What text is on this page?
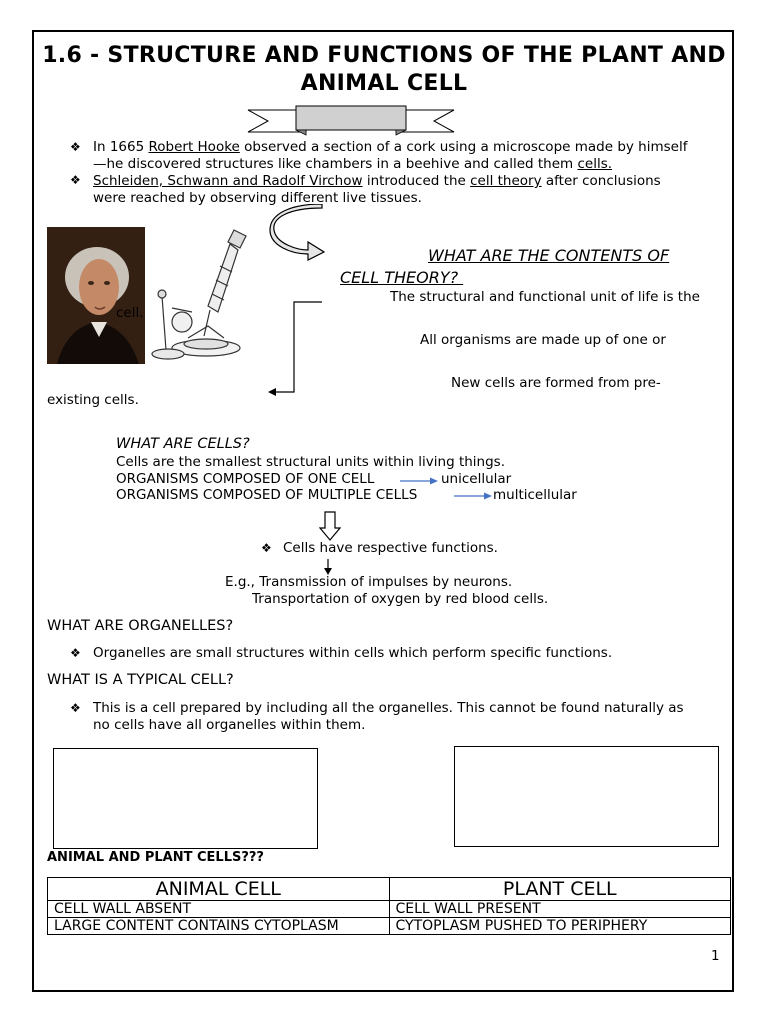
1.6 - STRUCTURE AND FUNCTIONS OF THE PLANT AND ANIMAL CELL
❖ In 1665 Robert Hooke observed a section of a cork using a microscope made by himself
—he discovered structures like chambers in a beehive and called them cells.
❖ Schleiden, Schwann and Radolf Virchow introduced the cell theory after conclusions
were reached by observing different live tissues.
WHAT ARE THE CONTENTS OF
CELL THEORY?
The structural and functional unit of life is the
cell.
All organisms are made up of one or
New cells are formed from pre-
existing cells.
WHAT ARE CELLS?
Cells are the smallest structural units within living things.
ORGANISMS COMPOSED OF ONE CELL	unicellular
ORGANISMS COMPOSED OF MULTIPLE CELLS	multicellular
❖ Cells have respective functions.
E.g., Transmission of impulses by neurons.
Transportation of oxygen by red blood cells.
WHAT ARE ORGANELLES?
❖ Organelles are small structures within cells which perform specific functions.
WHAT IS A TYPICAL CELL?
❖ This is a cell prepared by including all the organelles. This cannot be found naturally as
no cells have all organelles within them.
ANIMAL AND PLANT CELLS???
ANIMAL CELL	PLANT CELL
CELL WALL ABSENT	CELL WALL PRESENT
LARGE CONTENT CONTAINS CYTOPLASM	CYTOPLASM PUSHED TO PERIPHERY
1
